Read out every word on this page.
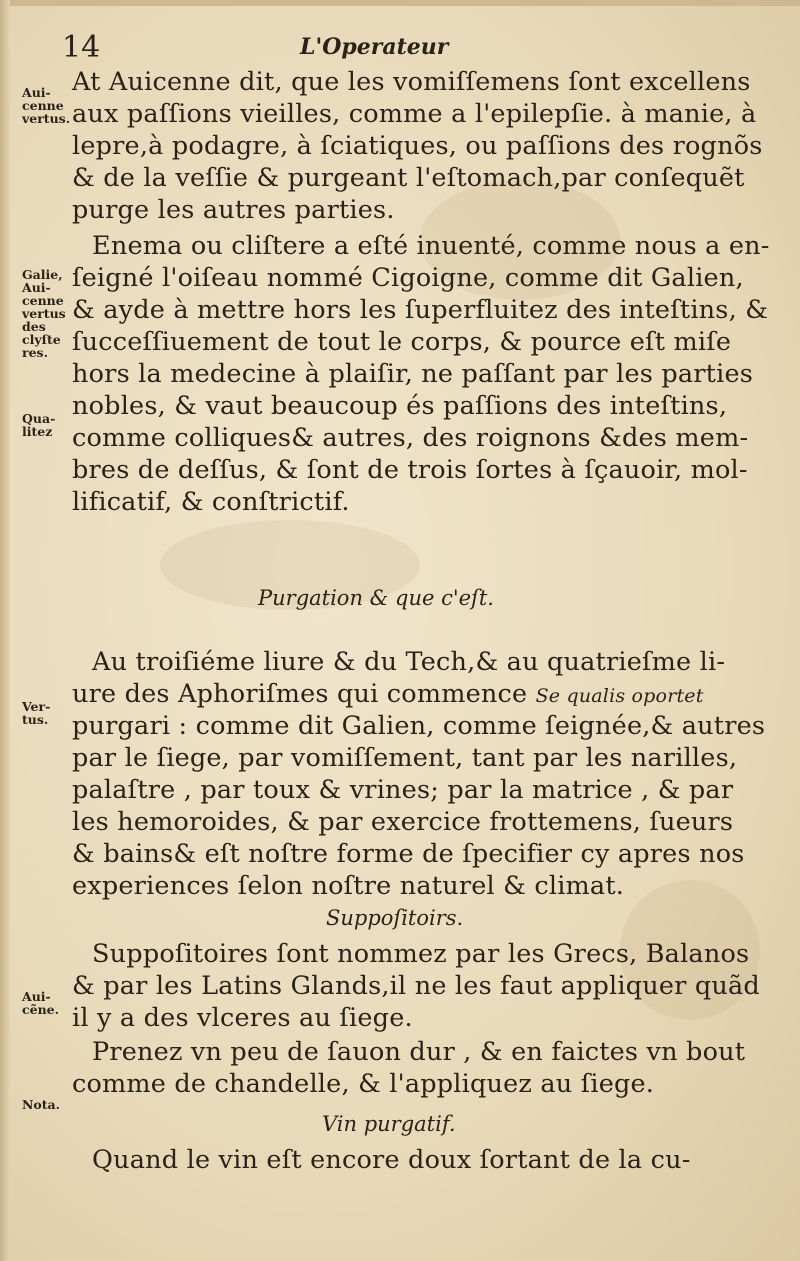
14	L'Operateur
At Auicenne dit, que les vomiſſemens ſont excellens
aux paſſions vieilles, comme a l'epilepſie. à manie, à
lepre,à podagre, à ſciatiques, ou paſſions des rognõs
& de la veſſie & purgeant l'eſtomach,par conſequẽt
purge les autres parties.
Enema ou cliſtere a eſté inuenté, comme nous a en-
ſeigné l'oiſeau nommé Cigoigne, comme dit Galien,
& ayde à mettre hors les ſuperfluitez des inteſtins, &
ſucceſſiuement de tout le corps, & pource eſt miſe
hors la medecine à plaiſir, ne paſſant par les parties
nobles, & vaut beaucoup és paſſions des inteſtins,
comme colliques& autres, des roignons &des mem-
bres de deſſus, & ſont de trois ſortes à ſçauoir, mol-
lificatif, & conſtrictif.
Purgation & que c'eſt.
Au troiſiéme liure & du Tech,& au quatrieſme li-
ure des Aphoriſmes qui commence Se qualis oportet
purgari : comme dit Galien, comme ſeignée,& autres
par le ſiege, par vomiſſement, tant par les narilles,
palaſtre , par toux & vrines; par la matrice , & par
les hemoroides, & par exercice frottemens, ſueurs
& bains& eſt noſtre forme de ſpecifier cy apres nos
experiences ſelon noſtre naturel & climat.
Suppoſitoirs.
Suppoſitoires ſont nommez par les Grecs, Balanos
& par les Latins Glands,il ne les faut appliquer quãd
il y a des vlceres au ſiege.
Prenez vn peu de ſauon dur , & en faictes vn bout
comme de chandelle, & l'appliquez au ſiege.
Vin purgatif.
Quand le vin eſt encore doux ſortant de la cu-
Aui-
cenne
vertus.
Galie,
Aui-
cenne
vertus
des
clyſte
res.
Qua-
litez
Ver-
tus.
Aui-
cẽne.
Nota.
